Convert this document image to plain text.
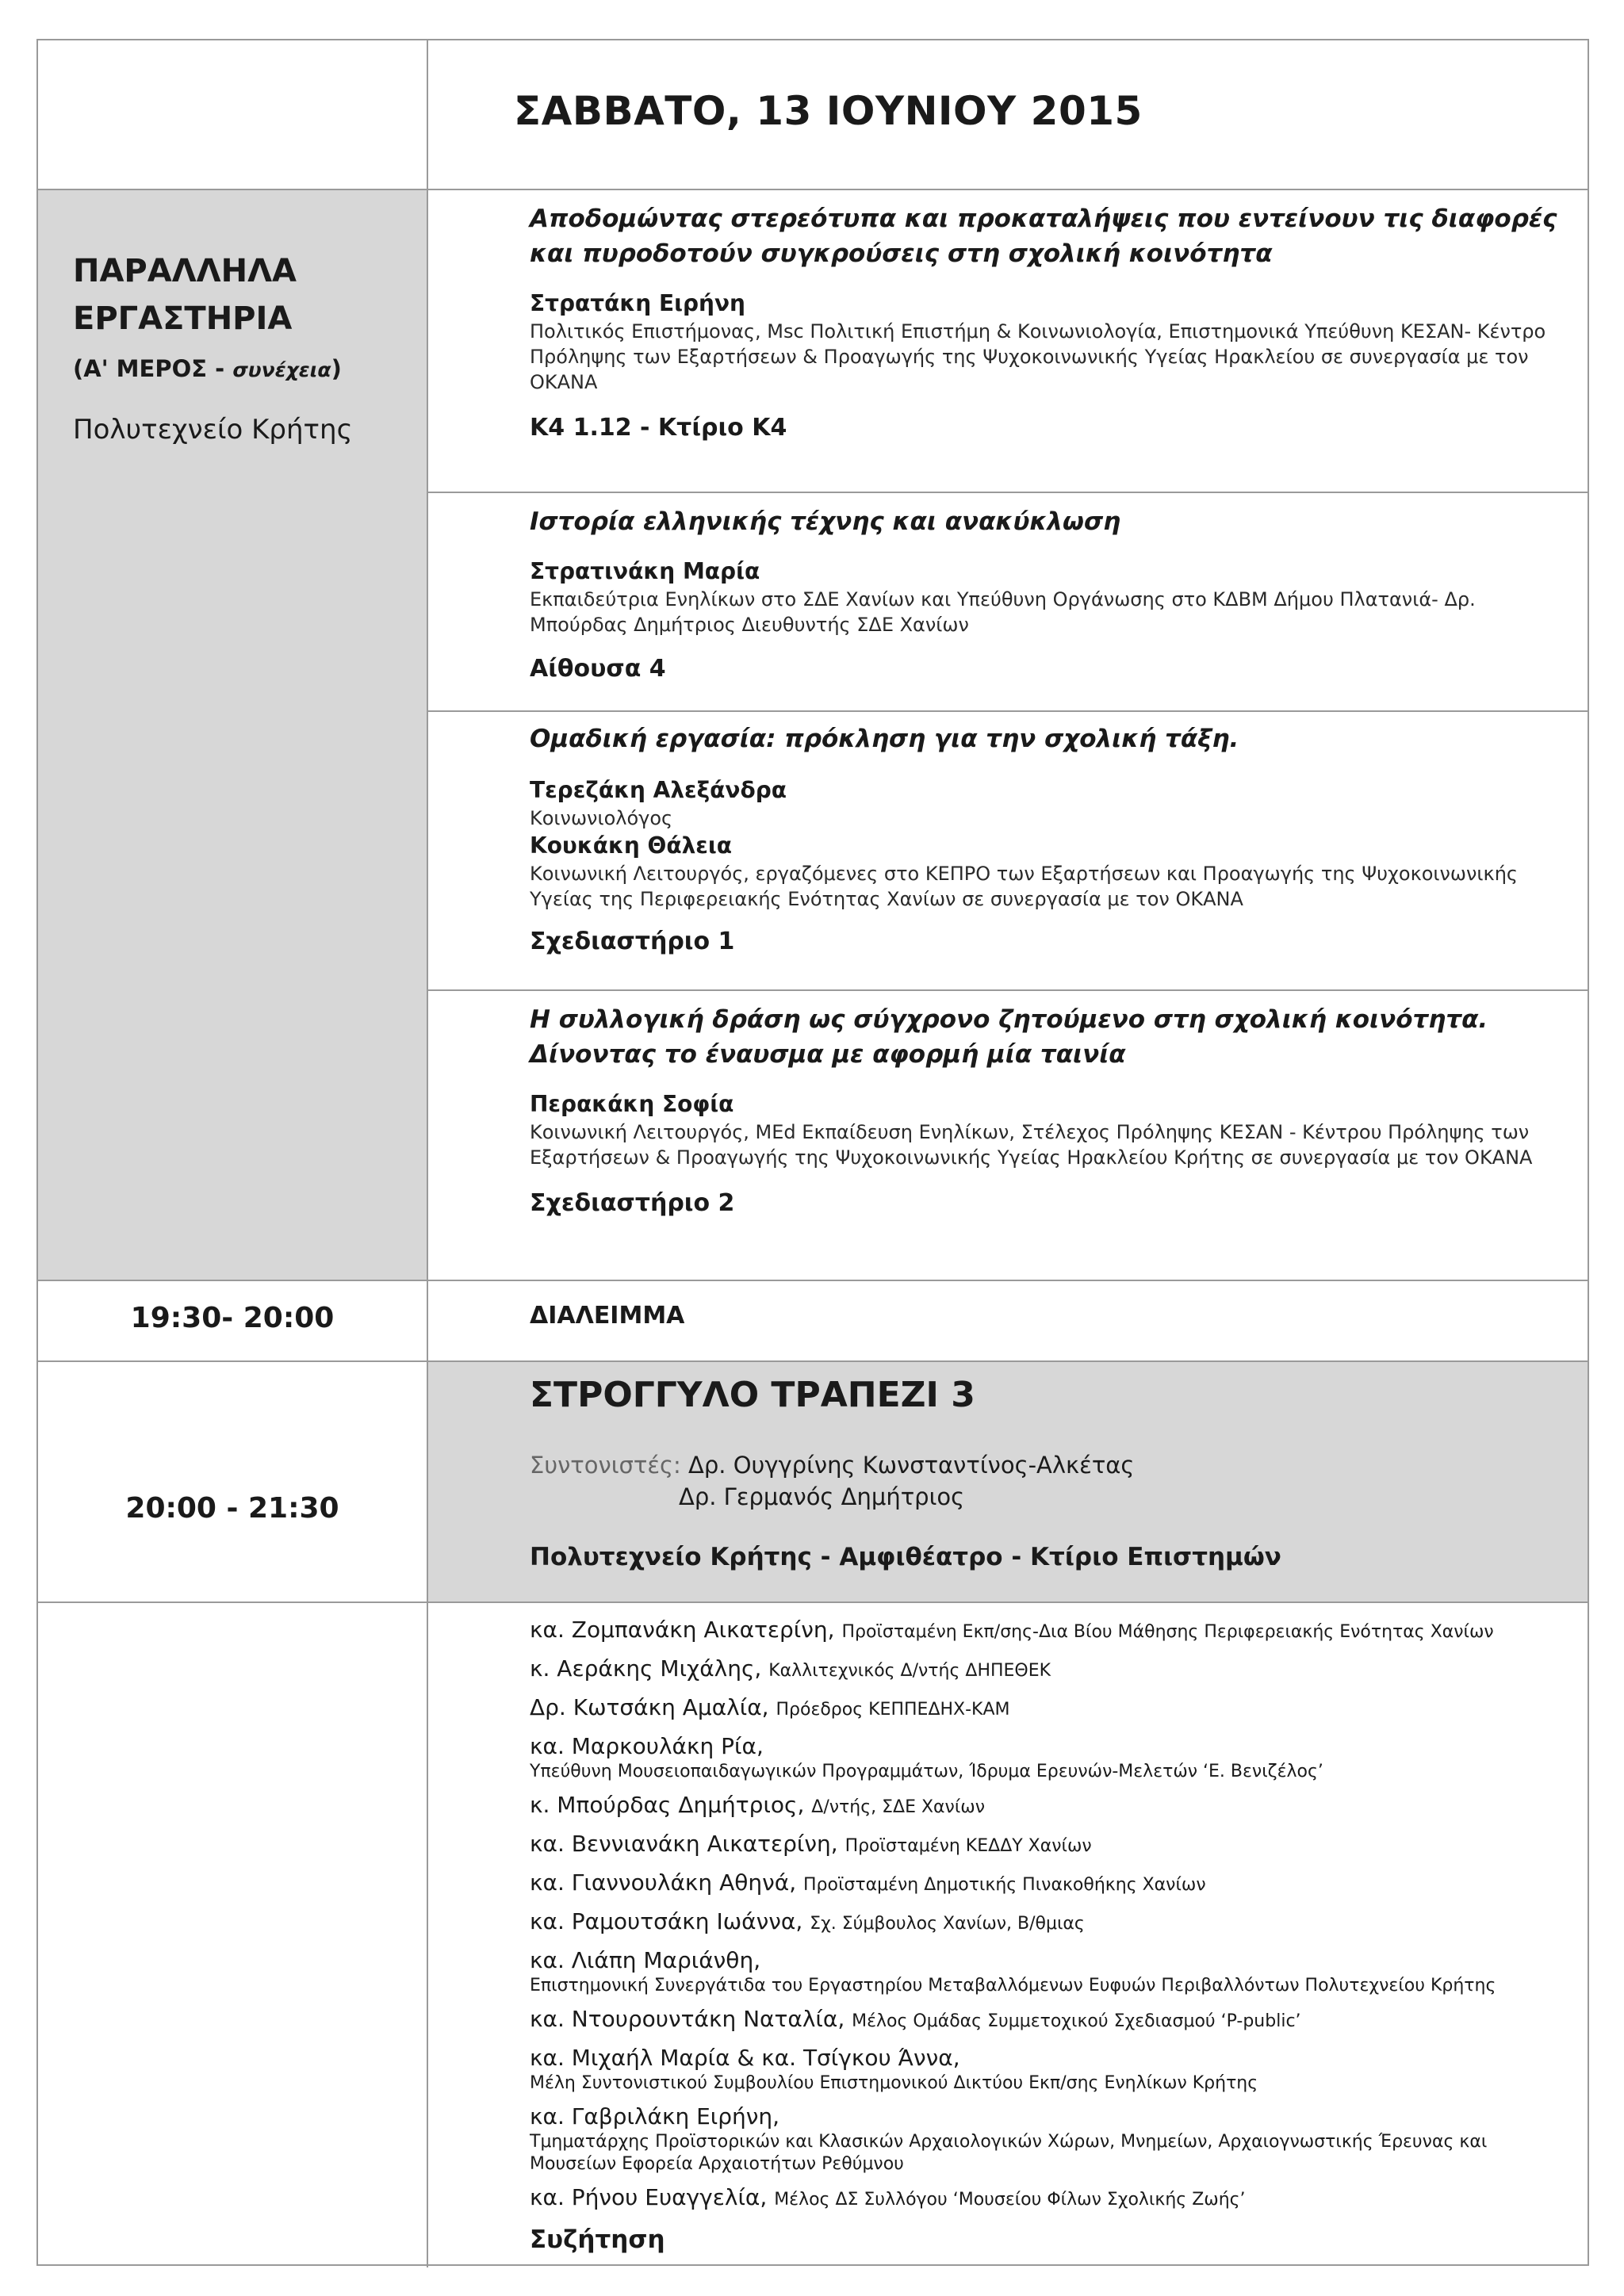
ΣΑΒΒΑΤΟ, 13 ΙΟΥΝΙΟΥ 2015
ΠΑΡΑΛΛΗΛΑ
ΕΡΓΑΣΤΗΡΙΑ
(Α' ΜΕΡΟΣ - συνέχεια)
Πολυτεχνείο Κρήτης
Αποδομώντας στερεότυπα και προκαταλήψεις που εντείνουν τις διαφορές και πυροδοτούν συγκρούσεις στη σχολική κοινότητα
Στρατάκη Ειρήνη
Πολιτικός Επιστήμονας, Msc Πολιτική Επιστήμη & Κοινωνιολογία, Επιστημονικά Υπεύθυνη ΚΕΣΑΝ- Κέντρο Πρόληψης των Εξαρτήσεων & Προαγωγής της Ψυχοκοινωνικής Υγείας Ηρακλείου σε συνεργασία με τον ΟΚΑΝΑ
Κ4 1.12 - Κτίριο Κ4
Ιστορία ελληνικής τέχνης και ανακύκλωση
Στρατινάκη Μαρία
Εκπαιδεύτρια Ενηλίκων στο ΣΔΕ Χανίων και Υπεύθυνη Οργάνωσης στο ΚΔΒΜ Δήμου Πλατανιά- Δρ. Μπούρδας Δημήτριος Διευθυντής ΣΔΕ Χανίων
Αίθουσα 4
Ομαδική εργασία: πρόκληση για την σχολική τάξη.
Τερεζάκη Αλεξάνδρα
Κοινωνιολόγος
Κουκάκη Θάλεια
Κοινωνική Λειτουργός, εργαζόμενες στο ΚΕΠΡΟ των Εξαρτήσεων και Προαγωγής της Ψυχοκοινωνικής Υγείας της Περιφερειακής Ενότητας Χανίων σε συνεργασία με τον ΟΚΑΝΑ
Σχεδιαστήριο 1
Η συλλογική δράση ως σύγχρονο ζητούμενο στη σχολική κοινότητα. Δίνοντας το έναυσμα με αφορμή μία ταινία
Περακάκη Σοφία
Κοινωνική Λειτουργός, MEd Εκπαίδευση Ενηλίκων, Στέλεχος Πρόληψης ΚΕΣΑΝ - Κέντρου Πρόληψης των Εξαρτήσεων & Προαγωγής της Ψυχοκοινωνικής Υγείας Ηρακλείου Κρήτης σε συνεργασία με τον ΟΚΑΝΑ
Σχεδιαστήριο 2
19:30- 20:00	ΔΙΑΛΕΙΜΜΑ
20:00 - 21:30
ΣΤΡΟΓΓΥΛΟ ΤΡΑΠΕΖΙ 3
Συντονιστές: Δρ. Ουγγρίνης Κωνσταντίνος-Αλκέτας
Δρ. Γερμανός Δημήτριος
Πολυτεχνείο Κρήτης - Αμφιθέατρο - Κτίριο Επιστημών
κα. Ζομπανάκη Αικατερίνη, Προϊσταμένη Εκπ/σης-Δια Βίου Μάθησης Περιφερειακής Ενότητας Χανίων
κ. Αεράκης Μιχάλης, Καλλιτεχνικός Δ/ντής ΔΗΠΕΘΕΚ
Δρ. Κωτσάκη Αμαλία, Πρόεδρος ΚΕΠΠΕΔΗΧ-ΚΑΜ
κα. Μαρκουλάκη Ρία,
Υπεύθυνη Μουσειοπαιδαγωγικών Προγραμμάτων, Ίδρυμα Ερευνών-Μελετών ‘Ε. Βενιζέλος’
κ. Μπούρδας Δημήτριος, Δ/ντής, ΣΔΕ Χανίων
κα. Βεννιανάκη Αικατερίνη, Προϊσταμένη ΚΕΔΔΥ Χανίων
κα. Γιαννουλάκη Αθηνά, Προϊσταμένη Δημοτικής Πινακοθήκης Χανίων
κα. Ραμουτσάκη Ιωάννα, Σχ. Σύμβουλος Χανίων, Β/θμιας
κα. Λιάπη Μαριάνθη,
Επιστημονική Συνεργάτιδα του Εργαστηρίου Μεταβαλλόμενων Ευφυών Περιβαλλόντων Πολυτεχνείου Κρήτης
κα. Ντουρουντάκη Ναταλία, Μέλος Ομάδας Συμμετοχικού Σχεδιασμού ‘P-public’
κα. Μιχαήλ Μαρία & κα. Τσίγκου Άννα,
Μέλη Συντονιστικού Συμβουλίου Επιστημονικού Δικτύου Εκπ/σης Ενηλίκων Κρήτης
κα. Γαβριλάκη Ειρήνη,
Τμηματάρχης Προϊστορικών και Κλασικών Αρχαιολογικών Χώρων, Μνημείων, Αρχαιογνωστικής Έρευνας και Μουσείων Εφορεία Αρχαιοτήτων Ρεθύμνου
κα. Ρήνου Ευαγγελία, Μέλος ΔΣ Συλλόγου ‘Μουσείου Φίλων Σχολικής Ζωής’
Συζήτηση
